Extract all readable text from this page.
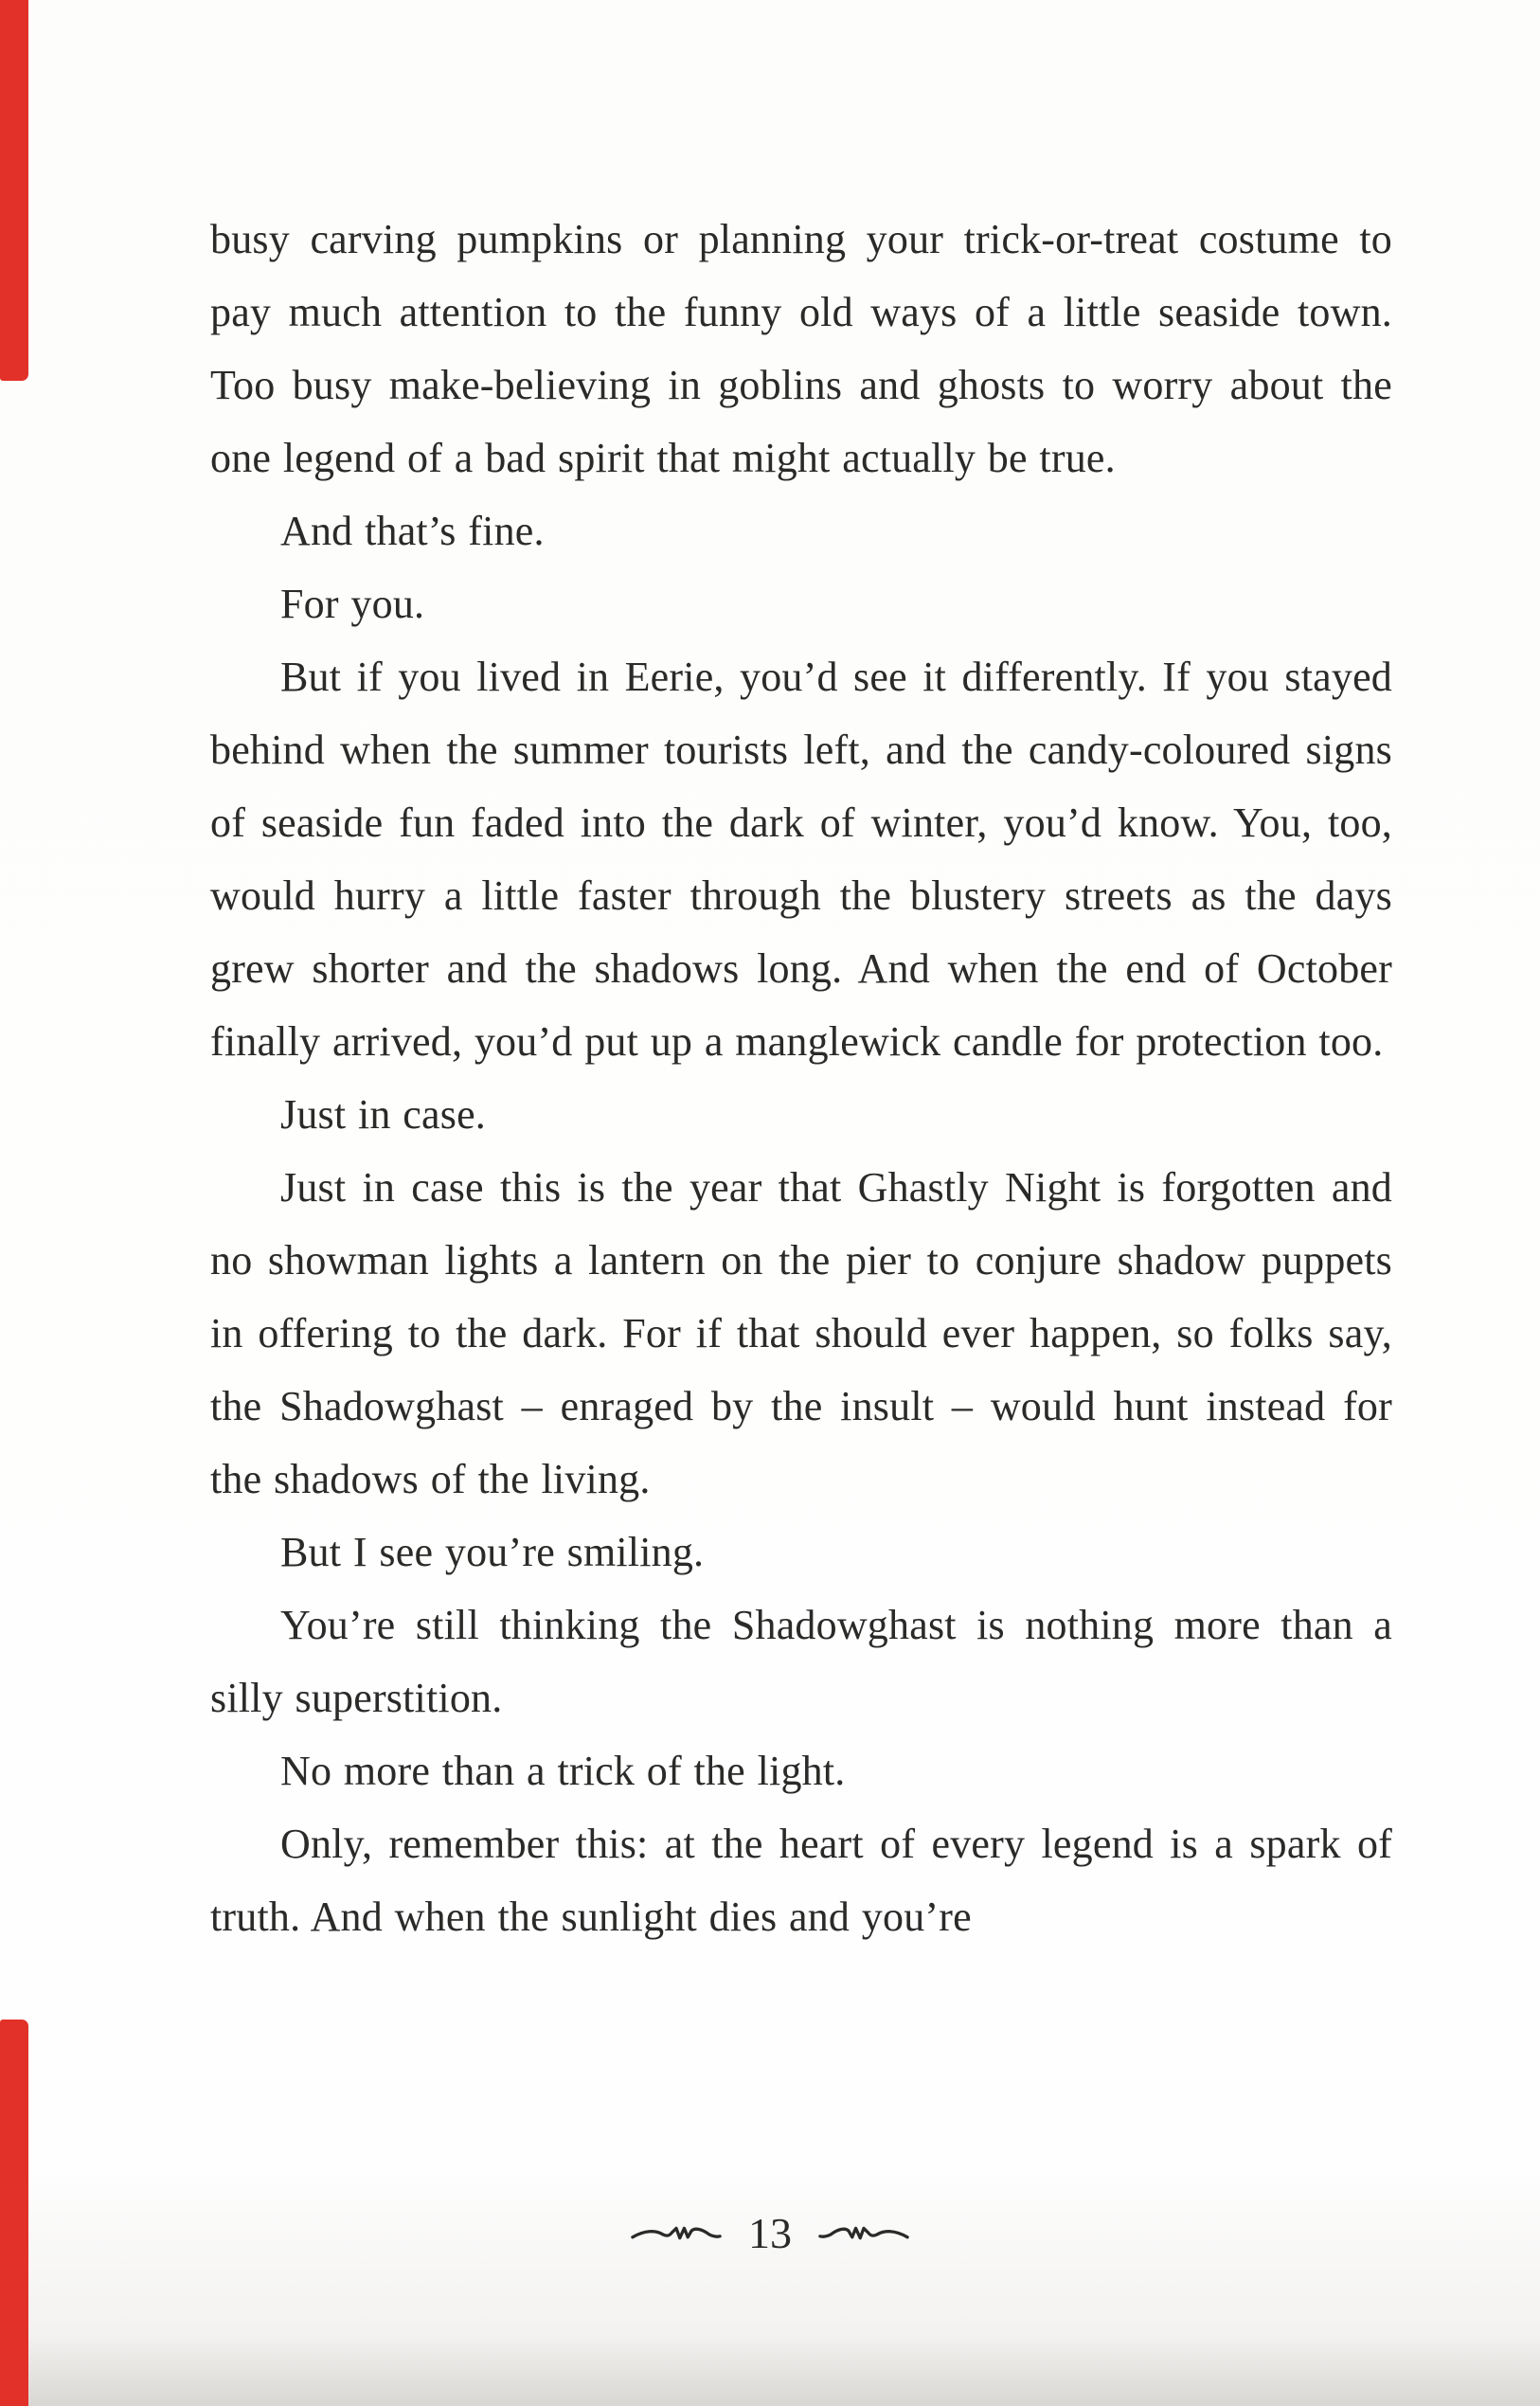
busy carving pumpkins or planning your trick-or-treat costume to pay much attention to the funny old ways of a little seaside town. Too busy make-believing in goblins and ghosts to worry about the one legend of a bad spirit that might actually be true.

And that’s fine.

For you.

But if you lived in Eerie, you’d see it differently. If you stayed behind when the summer tourists left, and the candy-coloured signs of seaside fun faded into the dark of winter, you’d know. You, too, would hurry a little faster through the blustery streets as the days grew shorter and the shadows long. And when the end of October finally arrived, you’d put up a manglewick candle for protection too.

Just in case.

Just in case this is the year that Ghastly Night is forgotten and no showman lights a lantern on the pier to conjure shadow puppets in offering to the dark. For if that should ever happen, so folks say, the Shadowghast – enraged by the insult – would hunt instead for the shadows of the living.

But I see you’re smiling.

You’re still thinking the Shadowghast is nothing more than a silly superstition.

No more than a trick of the light.

Only, remember this: at the heart of every legend is a spark of truth. And when the sunlight dies and you’re

13
